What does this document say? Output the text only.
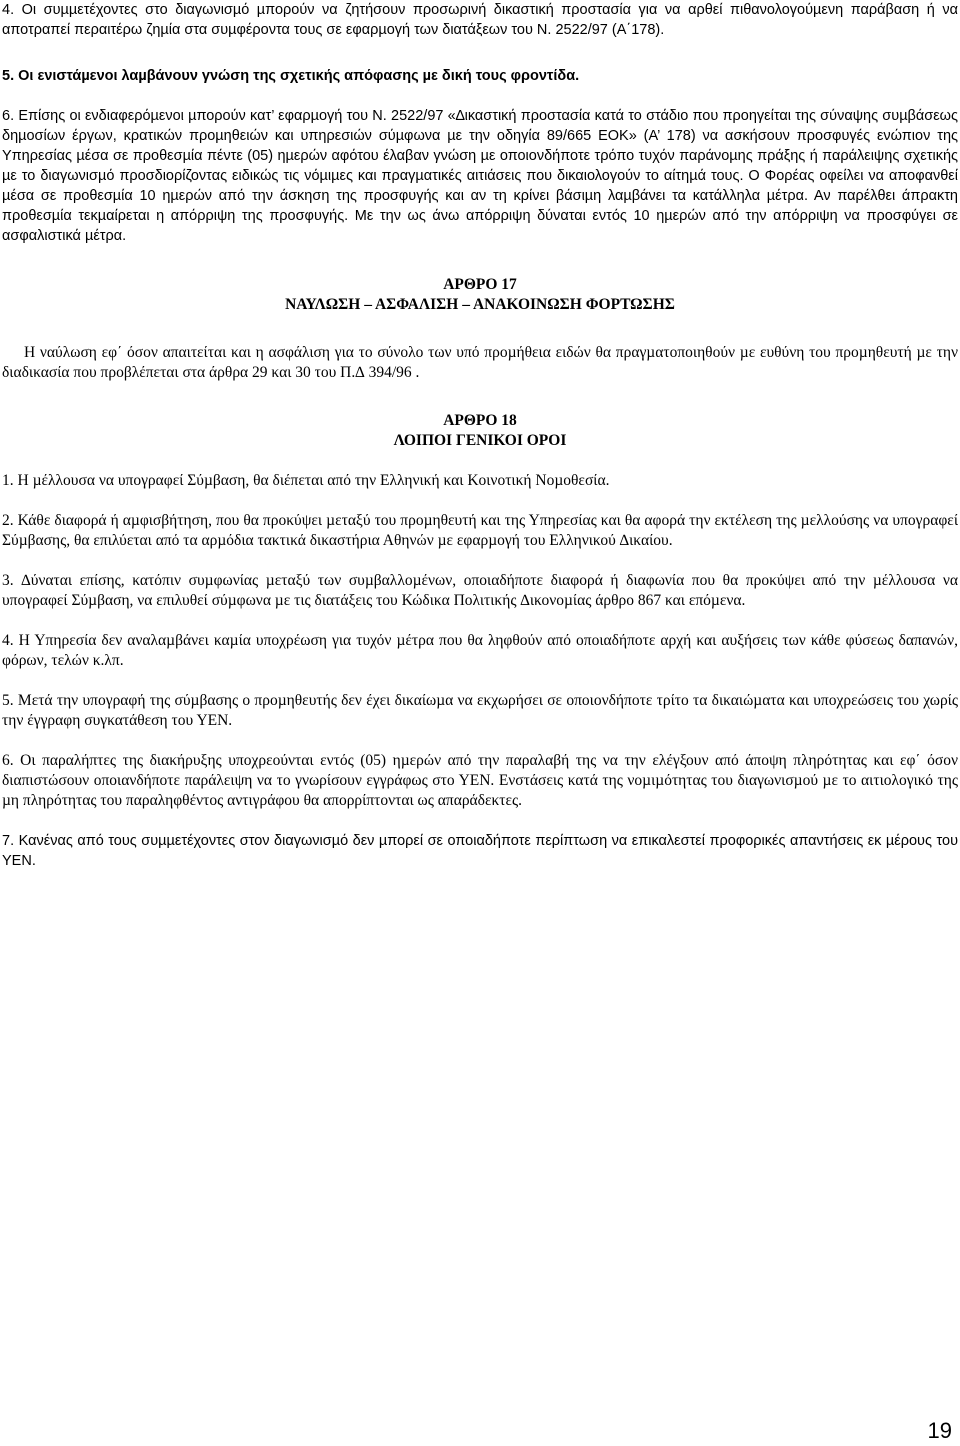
4. Οι συµµετέχοντες στο διαγωνισµό µπορούν να ζητήσουν προσωρινή δικαστική προστασία για να αρθεί πιθανολογούµενη παράβαση ή να αποτραπεί περαιτέρω ζηµία στα συµφέροντα τους σε εφαρµογή των διατάξεων του Ν. 2522/97 (Α΄178).

5. Οι ενιστάµενοι λαµβάνουν γνώση της σχετικής απόφασης µε δική τους φροντίδα.

6. Επίσης οι ενδιαφερόµενοι µπορούν κατ’ εφαρµογή του Ν. 2522/97 «∆ικαστική προστασία κατά το στάδιο που προηγείται της σύναψης συµβάσεως δηµοσίων έργων, κρατικών προµηθειών και υπηρεσιών σύµφωνα µε την οδηγία 89/665 ΕΟΚ» (Α’ 178) να ασκήσουν προσφυγές ενώπιον της Υπηρεσίας µέσα σε προθεσµία πέντε (05) ηµερών αφότου έλαβαν γνώση µε οποιονδήποτε τρόπο τυχόν παράνοµης πράξης ή παράλειψης σχετικής µε το διαγωνισµό προσδιορίζοντας ειδικώς τις νόµιµες και πραγµατικές αιτιάσεις που δικαιολογούν το αίτηµά τους. Ο Φορέας οφείλει να αποφανθεί µέσα σε προθεσµία 10 ηµερών από την άσκηση της προσφυγής και αν τη κρίνει βάσιµη λαµβάνει τα κατάλληλα µέτρα. Αν παρέλθει άπρακτη προθεσµία τεκµαίρεται η απόρριψη της προσφυγής. Με την ως άνω απόρριψη δύναται εντός 10 ηµερών από την απόρριψη να προσφύγει σε ασφαλιστικά µέτρα.

ΑΡΘΡΟ 17

ΝΑΥΛΩΣΗ – ΑΣΦΑΛΙΣΗ – ΑΝΑΚΟΙΝΩΣΗ ΦΟΡΤΩΣΗΣ

Η ναύλωση εφ΄ όσον απαιτείται και η ασφάλιση για το σύνολο των υπό προµήθεια ειδών θα πραγµατοποιηθούν µε ευθύνη του προµηθευτή µε την διαδικασία που προβλέπεται στα άρθρα 29 και 30 του Π.∆ 394/96 .

ΑΡΘΡΟ 18

ΛΟΙΠΟΙ ΓΕΝΙΚΟΙ ΟΡΟΙ

1. Η µέλλουσα να υπογραφεί Σύµβαση, θα διέπεται από την Ελληνική και Κοινοτική Νοµοθεσία.

2. Κάθε διαφορά ή αµφισβήτηση, που θα προκύψει µεταξύ του προµηθευτή και της Υπηρεσίας και θα αφορά την εκτέλεση της µελλούσης να υπογραφεί Σύµβασης, θα επιλύεται από τα αρµόδια τακτικά δικαστήρια Αθηνών µε εφαρµογή του Ελληνικού ∆ικαίου.

3. ∆ύναται επίσης, κατόπιν συµφωνίας µεταξύ των συµβαλλοµένων, οποιαδήποτε διαφορά ή διαφωνία που θα προκύψει από την µέλλουσα να υπογραφεί Σύµβαση, να επιλυθεί σύµφωνα µε τις διατάξεις του Κώδικα Πολιτικής ∆ικονοµίας άρθρο 867 και επόµενα.

4. Η Υπηρεσία δεν αναλαµβάνει καµία υποχρέωση για τυχόν µέτρα που θα ληφθούν από οποιαδήποτε αρχή και αυξήσεις των κάθε φύσεως δαπανών, φόρων, τελών κ.λπ.

5. Μετά την υπογραφή της σύµβασης ο προµηθευτής δεν έχει δικαίωµα να εκχωρήσει σε οποιονδήποτε τρίτο τα δικαιώµατα και υποχρεώσεις του χωρίς την έγγραφη συγκατάθεση του ΥΕΝ.

6. Οι παραλήπτες της διακήρυξης υποχρεούνται εντός (05) ηµερών από την παραλαβή της να την ελέγξουν από άποψη πληρότητας και εφ΄ όσον διαπιστώσουν οποιανδήποτε παράλειψη να το γνωρίσουν εγγράφως στο ΥΕΝ. Ενστάσεις κατά της νοµιµότητας του διαγωνισµού µε το αιτιολογικό της µη πληρότητας του παραληφθέντος αντιγράφου θα απορρίπτονται ως απαράδεκτες.

7. Κανένας από τους συµµετέχοντες στον διαγωνισµό δεν µπορεί σε οποιαδήποτε περίπτωση να επικαλεστεί προφορικές απαντήσεις εκ µέρους του ΥΕΝ.

19
